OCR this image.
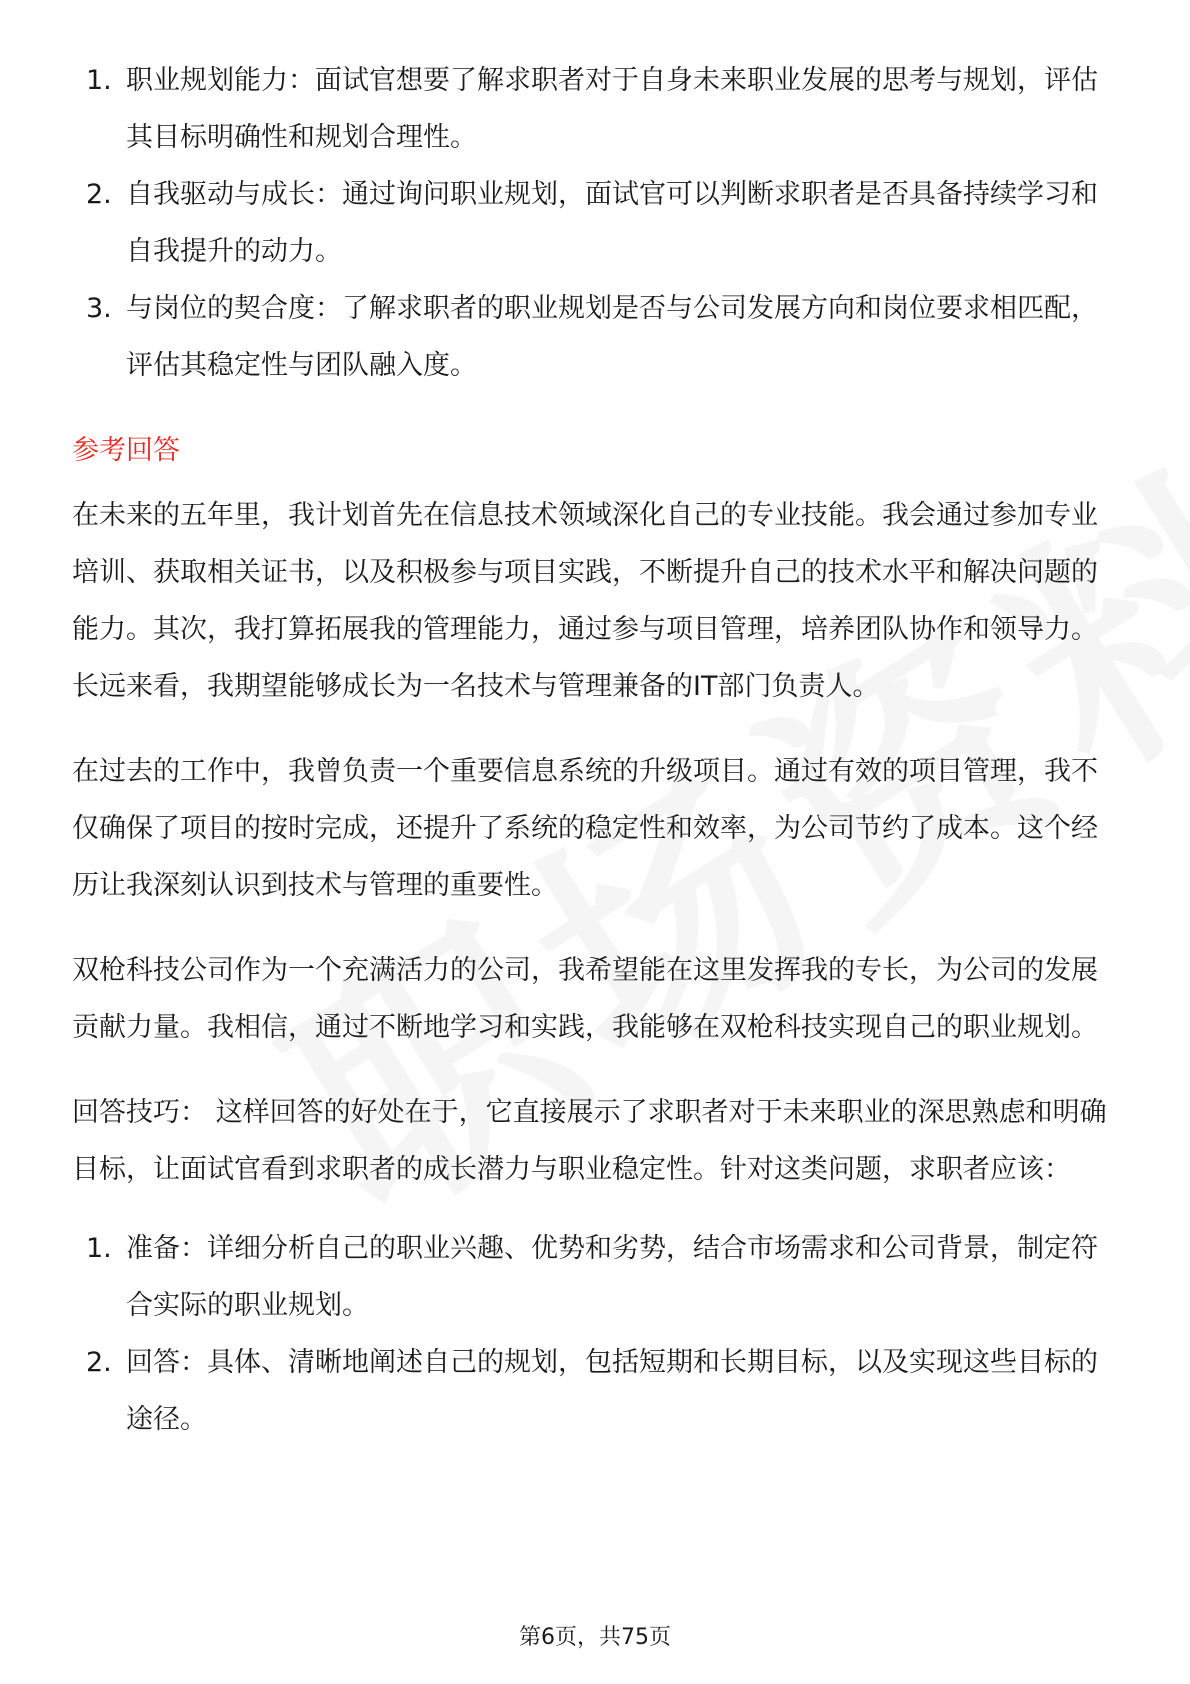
1. 职业规划能力：面试官想要了解求职者对于自身未来职业发展的思考与规划，评估其目标明确性和规划合理性。
2. 自我驱动与成长：通过询问职业规划，面试官可以判断求职者是否具备持续学习和自我提升的动力。
3. 与岗位的契合度：了解求职者的职业规划是否与公司发展方向和岗位要求相匹配，评估其稳定性与团队融入度。
参考回答

在未来的五年里，我计划首先在信息技术领域深化自己的专业技能。我会通过参加专业培训、获取相关证书，以及积极参与项目实践，不断提升自己的技术水平和解决问题的能力。其次，我打算拓展我的管理能力，通过参与项目管理，培养团队协作和领导力。长远来看，我期望能够成长为一名技术与管理兼备的IT部门负责人。

在过去的工作中，我曾负责一个重要信息系统的升级项目。通过有效的项目管理，我不仅确保了项目的按时完成，还提升了系统的稳定性和效率，为公司节约了成本。这个经历让我深刻认识到技术与管理的重要性。

双枪科技公司作为一个充满活力的公司，我希望能在这里发挥我的专长，为公司的发展贡献力量。我相信，通过不断地学习和实践，我能够在双枪科技实现自己的职业规划。

回答技巧： 这样回答的好处在于，它直接展示了求职者对于未来职业的深思熟虑和明确目标，让面试官看到求职者的成长潜力与职业稳定性。针对这类问题，求职者应该：

1. 准备：详细分析自己的职业兴趣、优势和劣势，结合市场需求和公司背景，制定符合实际的职业规划。
2. 回答：具体、清晰地阐述自己的规划，包括短期和长期目标，以及实现这些目标的途径。
第6页，共75页
